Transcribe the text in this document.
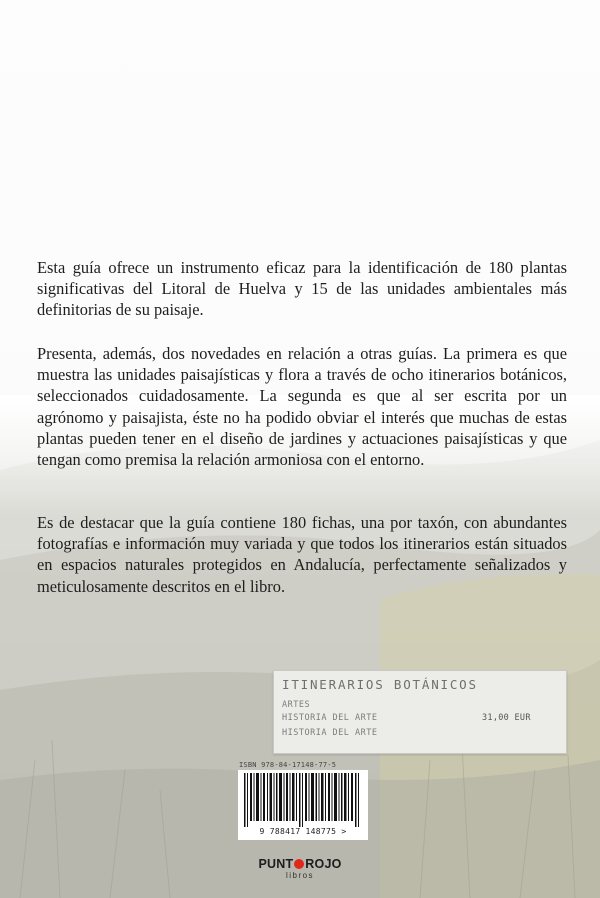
Esta guía ofrece un instrumento eficaz para la identificación de 180 plantas significativas del Litoral de Huelva y 15 de las unidades ambientales más definitorias de su paisaje.

Presenta, además, dos novedades en relación a otras guías. La primera es que muestra las unidades paisajísticas y flora a través de ocho itinerarios botánicos, seleccionados cuidadosamente. La segunda es que al ser escrita por un agrónomo y paisajista, éste no ha podido obviar el interés que muchas de estas plantas pueden tener en el diseño de jardines y actuaciones paisajísticas y que tengan como premisa la relación armoniosa con el entorno.

Es de destacar que la guía contiene 180 fichas, una por taxón, con abundantes fotografías e información muy variada y que todos los itinerarios están situados en espacios naturales protegidos en Andalucía, perfectamente señalizados y meticulosamente descritos en el libro.

ITINERARIOS BOTÁNICOS
ARTES
HISTORIA DEL ARTE
HISTORIA DEL ARTE
31,00 EUR
ISBN 978-84-17148-77-5
9 788417 148775 >
PUNT ROJO
libros
